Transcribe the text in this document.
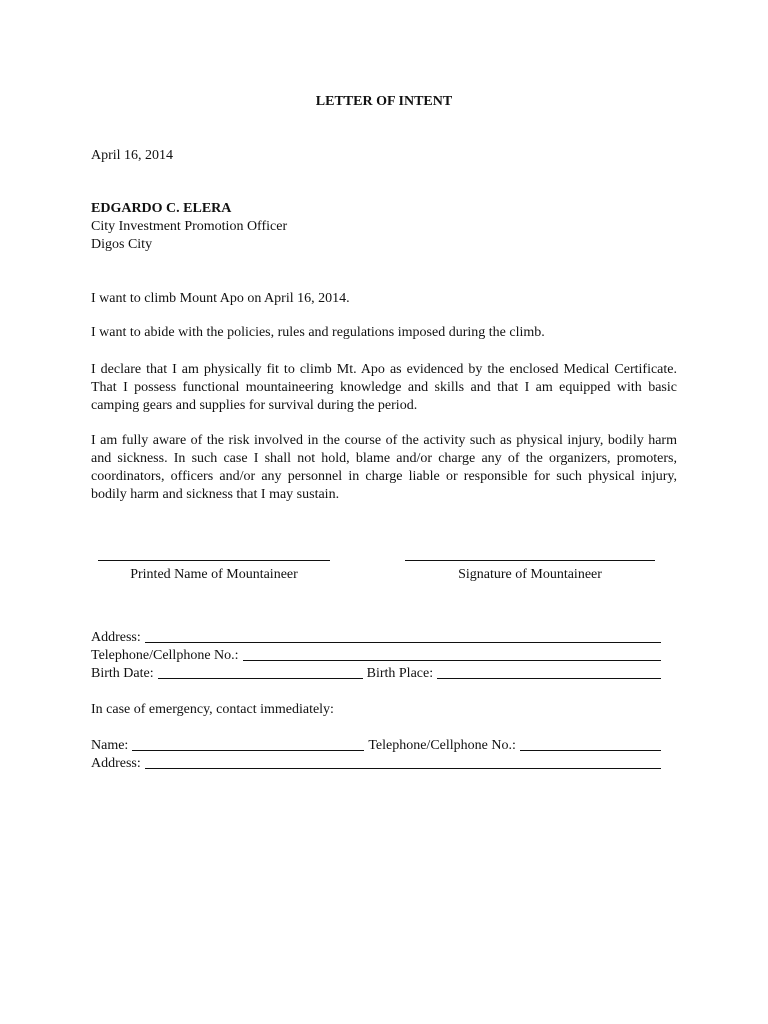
LETTER OF INTENT
April 16, 2014
EDGARDO C. ELERA
City Investment Promotion Officer
Digos City
I want to climb Mount Apo on April 16, 2014.
I want to abide with the policies, rules and regulations imposed during the climb.
I declare that I am physically fit to climb Mt. Apo as evidenced by the enclosed Medical Certificate. That I possess functional mountaineering knowledge and skills and that I am equipped with basic camping gears and supplies for survival during the period.
I am fully aware of the risk involved in the course of the activity such as physical injury, bodily harm and sickness. In such case I shall not hold, blame and/or charge any of the organizers, promoters, coordinators, officers and/or any personnel in charge liable or responsible for such physical injury, bodily harm and sickness that I may sustain.
Printed Name of Mountaineer	Signature of Mountaineer
Address:
Telephone/Cellphone No.:
Birth Date:	Birth Place:
In case of emergency, contact immediately:
Name:	Telephone/Cellphone No.:
Address:
